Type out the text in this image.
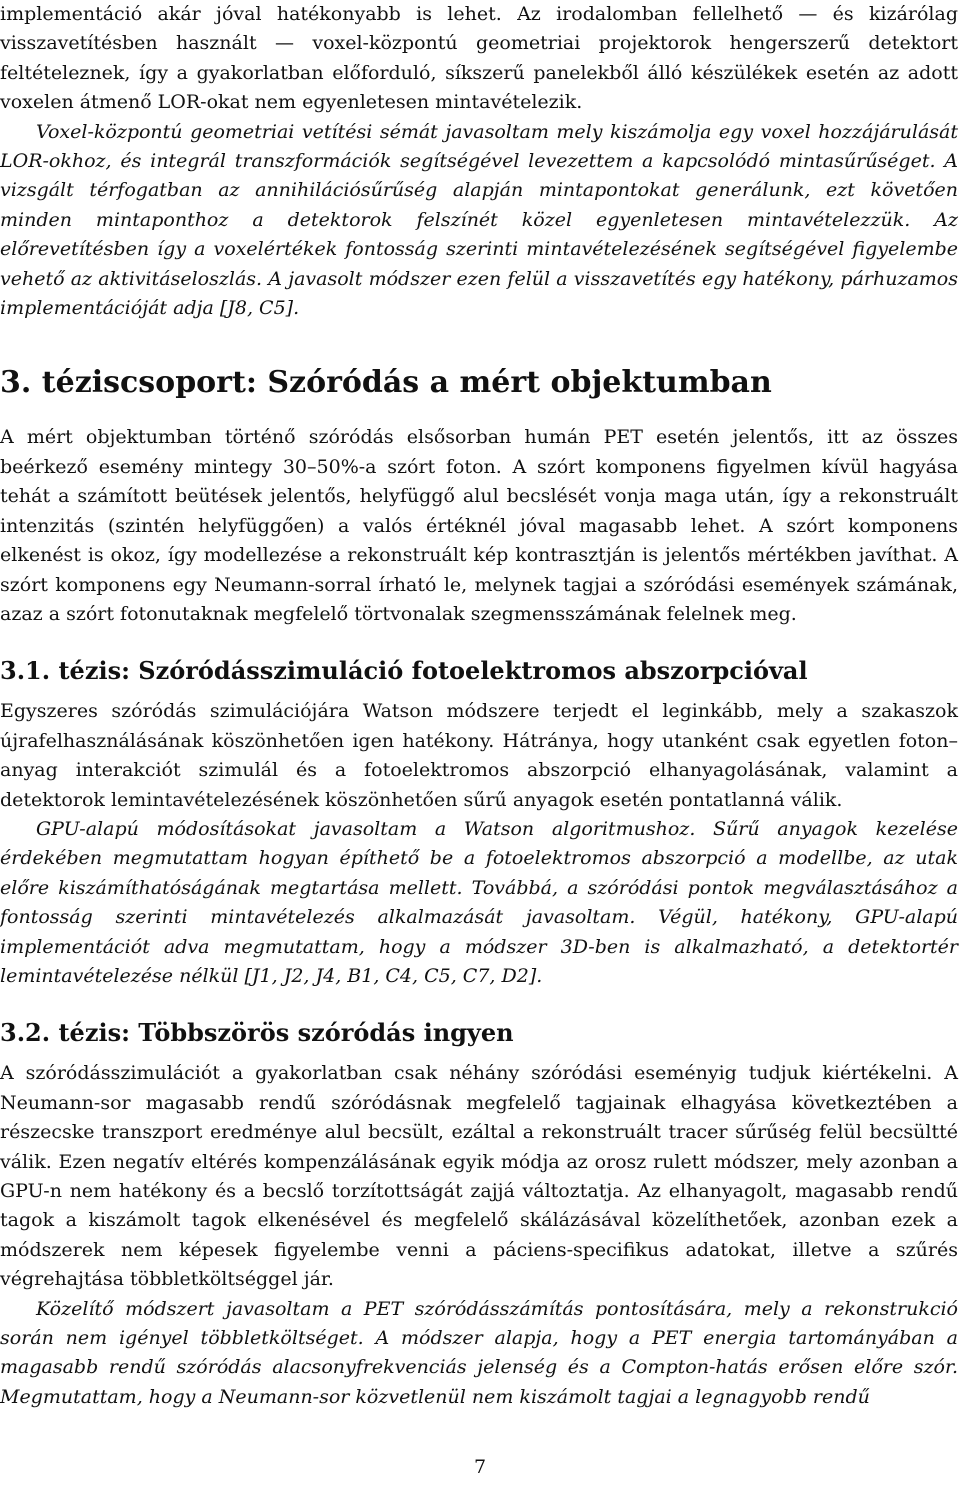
implementáció akár jóval hatékonyabb is lehet. Az irodalomban fellelhető — és kizárólag visszavetítésben használt — voxel-központú geometriai projektorok hengerszerű detektort feltételeznek, így a gyakorlatban előforduló, síkszerű panelekből álló készülékek esetén az adott voxelen átmenő LOR-okat nem egyenletesen mintavételezik.

Voxel-központú geometriai vetítési sémát javasoltam mely kiszámolja egy voxel hozzájárulását LOR-okhoz, és integrál transzformációk segítségével levezettem a kapcsolódó mintasűrűséget. A vizsgált térfogatban az annihilációsűrűség alapján mintapontokat generálunk, ezt követően minden mintaponthoz a detektorok felszínét közel egyenletesen mintavételezzük. Az előrevetítésben így a voxelértékek fontosság szerinti mintavételezésének segítségével figyelembe vehető az aktivitáseloszlás. A javasolt módszer ezen felül a visszavetítés egy hatékony, párhuzamos implementációját adja [J8, C5].

3. téziscsoport: Szóródás a mért objektumban

A mért objektumban történő szóródás elsősorban humán PET esetén jelentős, itt az összes beérkező esemény mintegy 30–50%-a szórt foton. A szórt komponens figyelmen kívül hagyása tehát a számított beütések jelentős, helyfüggő alul becslését vonja maga után, így a rekonstruált intenzitás (szintén helyfüggően) a valós értéknél jóval magasabb lehet. A szórt komponens elkenést is okoz, így modellezése a rekonstruált kép kontrasztján is jelentős mértékben javíthat. A szórt komponens egy Neumann-sorral írható le, melynek tagjai a szóródási események számának, azaz a szórt fotonutaknak megfelelő törtvonalak szegmensszámának felelnek meg.

3.1. tézis: Szóródásszimuláció fotoelektromos abszorpcióval

Egyszeres szóródás szimulációjára Watson módszere terjedt el leginkább, mely a szakaszok újrafelhasználásának köszönhetően igen hatékony. Hátránya, hogy utanként csak egyetlen foton–anyag interakciót szimulál és a fotoelektromos abszorpció elhanyagolásának, valamint a detektorok lemintavételezésének köszönhetően sűrű anyagok esetén pontatlanná válik.

GPU-alapú módosításokat javasoltam a Watson algoritmushoz. Sűrű anyagok kezelése érdekében megmutattam hogyan építhető be a fotoelektromos abszorpció a modellbe, az utak előre kiszámíthatóságának megtartása mellett. Továbbá, a szóródási pontok megválasztásához a fontosság szerinti mintavételezés alkalmazását javasoltam. Végül, hatékony, GPU-alapú implementációt adva megmutattam, hogy a módszer 3D-ben is alkalmazható, a detektortér lemintavételezése nélkül [J1, J2, J4, B1, C4, C5, C7, D2].

3.2. tézis: Többszörös szóródás ingyen

A szóródásszimulációt a gyakorlatban csak néhány szóródási eseményig tudjuk kiértékelni. A Neumann-sor magasabb rendű szóródásnak megfelelő tagjainak elhagyása következtében a részecske transzport eredménye alul becsült, ezáltal a rekonstruált tracer sűrűség felül becsültté válik. Ezen negatív eltérés kompenzálásának egyik módja az orosz rulett módszer, mely azonban a GPU-n nem hatékony és a becslő torzítottságát zajjá változtatja. Az elhanyagolt, magasabb rendű tagok a kiszámolt tagok elkenésével és megfelelő skálázásával közelíthetőek, azonban ezek a módszerek nem képesek figyelembe venni a páciens-specifikus adatokat, illetve a szűrés végrehajtása többletköltséggel jár.

Közelítő módszert javasoltam a PET szóródásszámítás pontosítására, mely a rekonstrukció során nem igényel többletköltséget. A módszer alapja, hogy a PET energia tartományában a magasabb rendű szóródás alacsonyfrekvenciás jelenség és a Compton-hatás erősen előre szór. Megmutattam, hogy a Neumann-sor közvetlenül nem kiszámolt tagjai a legnagyobb rendű

7
